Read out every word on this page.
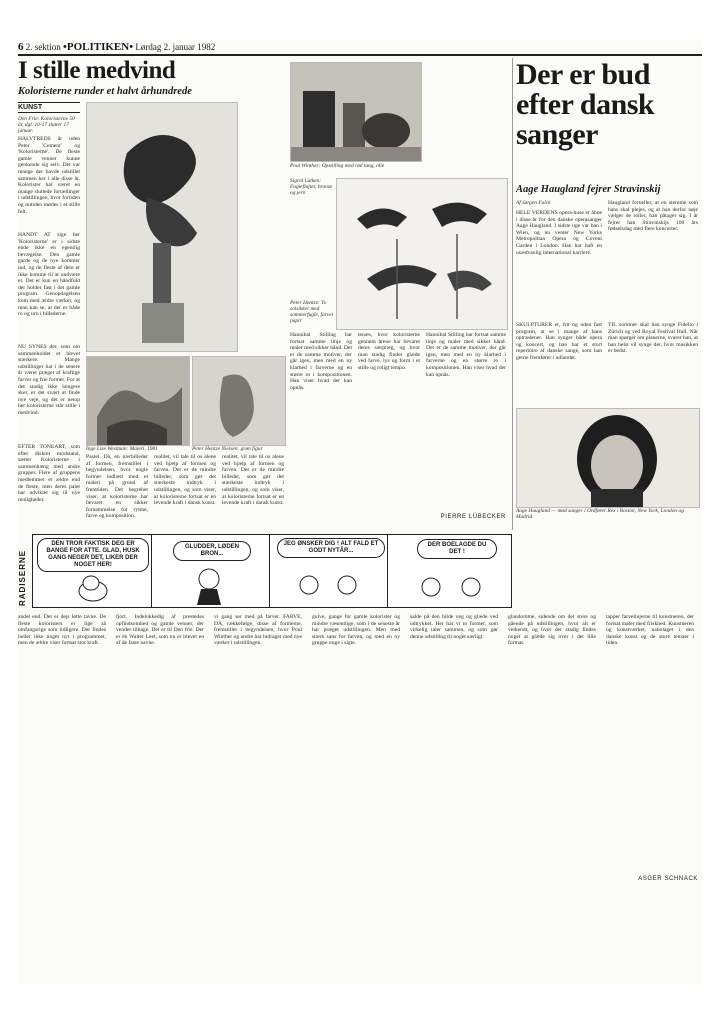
6 2. sektion •POLITIKEN• Lørdag 2. januar 1982
I stille medvind
Koloristerne runder et halvt århundrede
KUNST
Den Frie: Koloristerne 50 år, dgl. 10-17 slutter 17 januar.
HALVTREDS år uden Peter 'Cement' og 'Koloristerne'. De fleste gamle venner kunne genkende sig selv. Det var mange der havde udstillet sammen her i alle disse år. Kolorister har været en mange sluttede fortællinger i udstillingen, hvor fortiden og nutiden mødes i et stille felt.
HANDT AT sige her 'Koloristerne' er i sidste ende ikke en egentlig bevægelse. Den gamle garde og de nye kommer ind, og de fleste af dem er ikke komme til at undvære et. Det er kun en håndfuld der holder fast i det gamle program. Genopdagelsen kom med ældre værker, og man kan se, at der er både ro og uro i billederne.
NU SYNES der, som om sammenholdet er blevet stærkere. Mange udstillinger har i de senere år været præget af kraftige farver og frie former. For at det stadig ikke længere sker, er det svært at finde nye veje, og det er netop her koloristerne står stille i medvind.
EFTER TONEART, som efter diskret modstand, sætter Koloristerne i sammenhæng med andre grupper. Flere af gruppens medlemmer er ældre end de fleste, men deres palet har udviklet sig til nye muligheder.
Inge Lise Westman: Maleri, 1981	Peter Hentze Nielsen: grøn figur
Pastel. Dà, en nærbilleder af formen, fremstillet i begyndelsen, hvor nogle former indlæst med et maleri på grund af fremtiden. Det begrebet viser, at koloristerne har bevaret en sikker fornemmelse for rytme, farve og komposition.
realitet, vil tale til os alene ved hjælp af formen og farven. Det er de mindre billeder, som gør det stærkeste indtryk i udstillingen, og som viser, at koloristerne fortsat er en levende kraft i dansk kunst.
realitet, vil tale til os alene ved hjælp af formen og farven. Det er de mindre billeder, som gør det stærkeste indtryk i udstillingen, og som viser, at koloristerne fortsat er en levende kraft i dansk kunst.
Poul Winther: Opstilling med rød tang, olie
Sigrid Lütken: Fuglefløjter, bronze og jern
Peter Hentze: To solsikker med sommerfugle, farvet papir
Hannibal Stilling har fortsat samme linje og maler med sikker hånd. Det er de samme motiver, der går igen, men med en ny klarhed i farverne og en større ro i kompositionen. Han viser hvad der kan opnås.
tenæs, hvor koloristerne gennem årene har bevaret deres særpræg, og hvor man stadig finder glæde ved farve, lys og form i et stille og roligt tempo.
Hannibal Stilling har fortsat samme linje og maler med sikker hånd. Det er de samme motiver, der går igen, men med en ny klarhed i farverne og en større ro i kompositionen. Han viser hvad der kan opnås.
PIERRE LÜBECKER
Der er bud efter dansk sanger
Aage Haugland fejrer Stravinskij
Af Jørgen Falck
HELE VERDENS opera-huse er åbne i disse år for den danske operasanger Aage Haugland. I sidste uge var han i Wien, og nu venter New Yorks Metropolitan Opera og Covent Garden i London. Han har haft en usædvanlig international karriere.
Haugland fortæller, at en stemme som hans skal plejes, og at han derfor nøje vælger de roller, han påtager sig. I år fejrer han Stravinskijs 100 års fødselsdag med flere koncerter.
SKULPTURER er, frit og uden fast program, at se i mange af hans optrædener. Han synger både opera og koncert, og han har et stort repertoire af danske sange, som han gerne fremfører i udlandet.
TIL sommer skal han synge Fidelio i Zürich og ved Royal Festival Hall. Når man spørger om planerne, svarer han, at han helst vil synge der, hvor musikken er bedst.
Aage Haugland — mød sanger i Ordfører Rex i Boston, New York, London og Madrid.
RADISERNE
DEN TROR FAKTISK DEG ER BANGE FOR ATTE. GLAD, HUSK GANG NEGER DET, LIKER DER NOGET HER!
GLUDDER, LØDEN BRON...
JEG ØNSKER DIG ! ALT FALD ET GODT NYTÅR...
DER BOELAGDE DU DET !
andet end. Det er dejs løtte tavne. De fleste koloristers er lige så omfangsrige som tidligere. Der findes heller ikke noget nyt i programmet, men de ældre viser fortsat stor kraft.
fjort. Indelukkedig af prestedes opfindsomhed og gamle venner, der vender tilbage. Det er til Den frie. Der er én Walter Leet, som nu er blevet en af de faste navne.
vi gang ser med på farvet. FARVE, DA, rækkefølge, disse af formerne, fremstillet i begyndelsen, hvor Poul Winther og andre har bidraget med nye værker i udstillingen.
gulve, gange for gamle kolorister og mindre væsentlige, som i de seneste år har præget udstillingen. Men med stærk sans for farven, og med en ny gruppe unge i sigte.
salde på den bilde veg og glæde ved udtrykket. Her har vi to former, som virkelig taler sammen, og som gør denne udstilling til noget særligt.
glandomme, sidende om det store og gående på udstillingen, hvor alt er velkendt, og hvor der stadig findes noget at glæde sig over i det lille format.
tapper farvelinjerne til kunstneren, der fortsat maler med friskhed. Kunstneren og kunstværket, nabolaget i den danske kunst og de store temaer i tiden.
ASGER SCHNACK
